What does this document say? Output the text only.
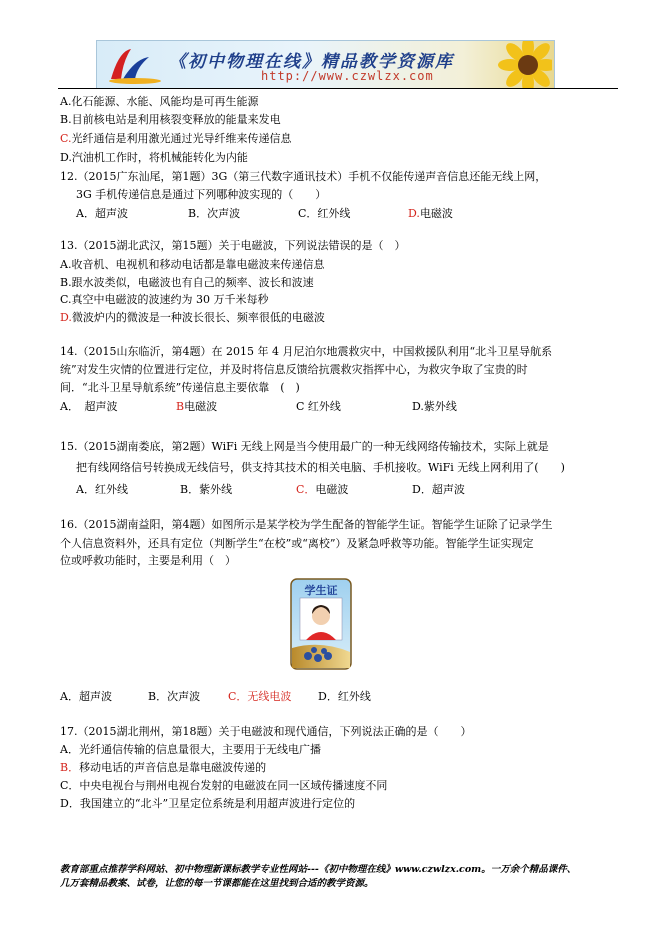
《初中物理在线》精品教学资源库
http://www.czwlzx.com
A.化石能源、水能、风能均是可再生能源
B.目前核电站是利用核裂变释放的能量来发电
C.光纤通信是利用激光通过光导纤维来传递信息
D.汽油机工作时，将机械能转化为内能
12.（2015广东汕尾，第1题）3G（第三代数字通讯技术）手机不仅能传递声音信息还能无线上网，
3G 手机传递信息是通过下列哪种波实现的（　　）
A．超声波	B．次声波	C．红外线	D.电磁波
13.（2015湖北武汉，第15题）关于电磁波，下列说法错误的是（　）
A.收音机、电视机和移动电话都是靠电磁波来传递信息
B.跟水波类似，电磁波也有自己的频率、波长和波速
C.真空中电磁波的波速约为 30 万千米每秒
D.微波炉内的微波是一种波长很长、频率很低的电磁波
14.（2015山东临沂，第4题）在 2015 年 4 月尼泊尔地震救灾中，中国救援队利用“北斗卫星导航系
统”对发生灾情的位置进行定位，并及时将信息反馈给抗震救灾指挥中心，为救灾争取了宝贵的时
间．“北斗卫星导航系统”传递信息主要依靠　(　)
A．　超声波	B电磁波	C 红外线	D.紫外线
15.（2015湖南娄底，第2题）WiFi 无线上网是当今使用最广的一种无线网络传输技术，实际上就是
把有线网络信号转换成无线信号，供支持其技术的相关电脑、手机接收。WiFi 无线上网利用了(　　)
A．红外线	B．紫外线	C．电磁波	D．超声波
16.（2015湖南益阳，第4题）如图所示是某学校为学生配备的智能学生证。智能学生证除了记录学生
个人信息资料外，还具有定位（判断学生“在校”或“离校”）及紧急呼救等功能。智能学生证实现定
位或呼救功能时，主要是利用（　）
学生证
A．超声波	B．次声波	C．无线电波 D．红外线
17.（2015湖北荆州，第18题）关于电磁波和现代通信，下列说法正确的是（　　）
A．光纤通信传输的信息量很大，主要用于无线电广播
B．移动电话的声音信息是靠电磁波传递的
C．中央电视台与荆州电视台发射的电磁波在同一区域传播速度不同
D．我国建立的“北斗”卫星定位系统是利用超声波进行定位的
教育部重点推荐学科网站、初中物理新课标教学专业性网站---《初中物理在线》www.czwlzx.com。一万余个精品课件、
几万套精品教案、试卷，让您的每一节课都能在这里找到合适的教学资源。
